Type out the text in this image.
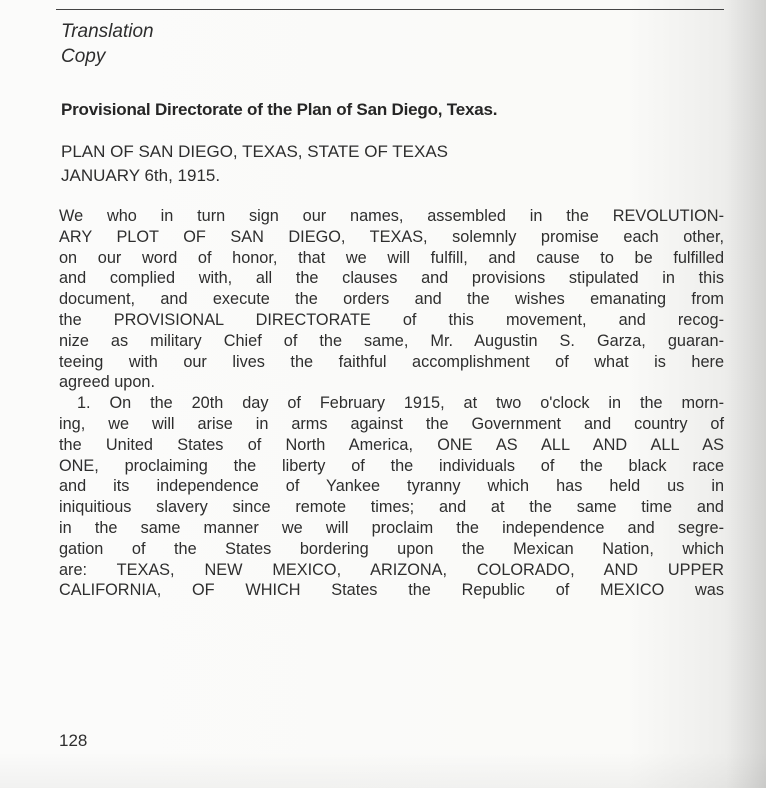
Translation
Copy
Provisional Directorate of the Plan of San Diego, Texas.
PLAN OF SAN DIEGO, TEXAS, STATE OF TEXAS
JANUARY 6th, 1915.
We who in turn sign our names, assembled in the REVOLUTION-
ARY PLOT OF SAN DIEGO, TEXAS, solemnly promise each other,
on our word of honor, that we will fulfill, and cause to be fulfilled
and complied with, all the clauses and provisions stipulated in this
document, and execute the orders and the wishes emanating from
the PROVISIONAL DIRECTORATE of this movement, and recog-
nize as military Chief of the same, Mr. Augustin S. Garza, guaran-
teeing with our lives the faithful accomplishment of what is here
agreed upon.
1. On the 20th day of February 1915, at two o'clock in the morn-
ing, we will arise in arms against the Government and country of
the United States of North America, ONE AS ALL AND ALL AS
ONE, proclaiming the liberty of the individuals of the black race
and its independence of Yankee tyranny which has held us in
iniquitious slavery since remote times; and at the same time and
in the same manner we will proclaim the independence and segre-
gation of the States bordering upon the Mexican Nation, which
are: TEXAS, NEW MEXICO, ARIZONA, COLORADO, AND UPPER
CALIFORNIA, OF WHICH States the Republic of MEXICO was
128
